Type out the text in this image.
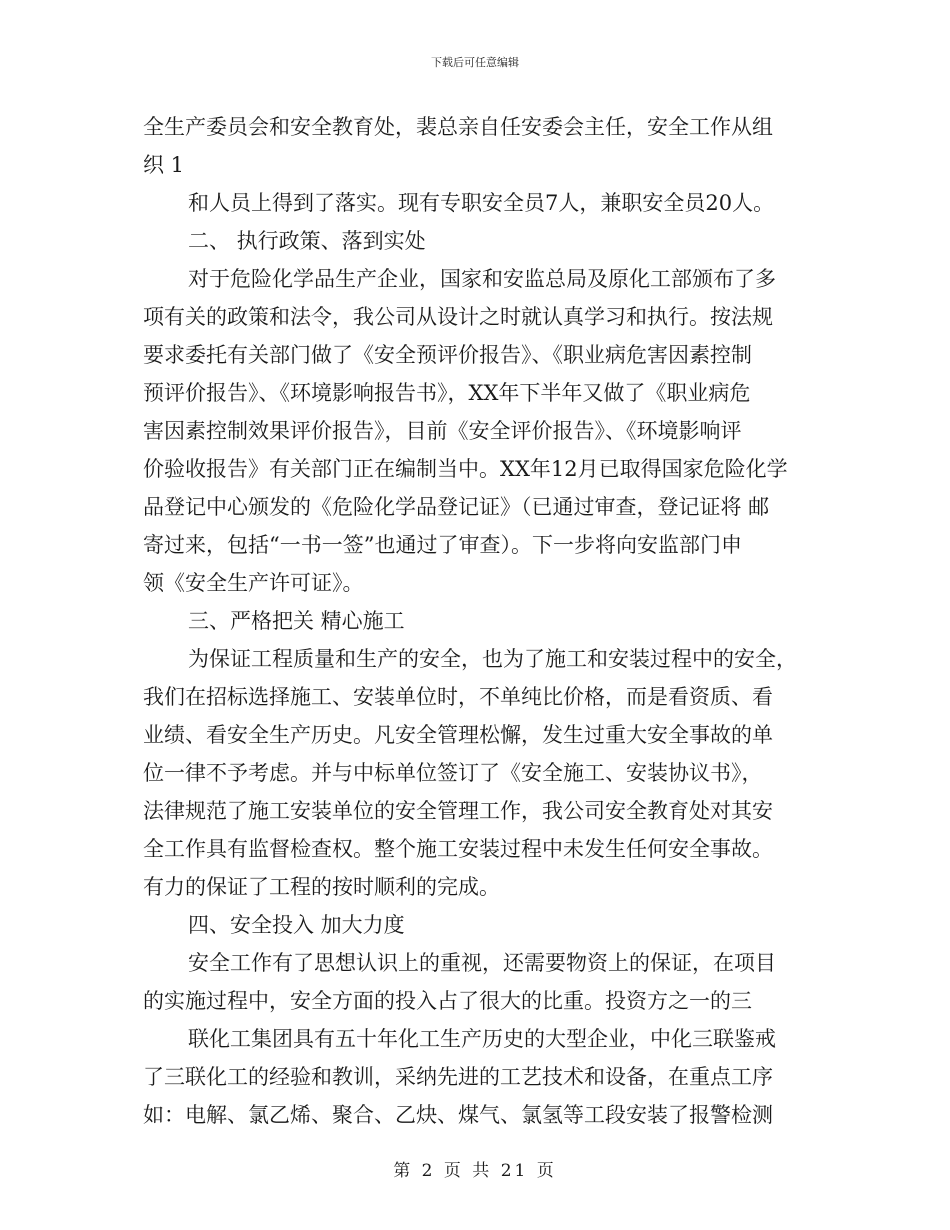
下载后可任意编辑
全生产委员会和安全教育处，裴总亲自任安委会主任，安全工作从组
织 1
和人员上得到了落实。现有专职安全员7人，兼职安全员20人。
二、 执行政策、落到实处
对于危险化学品生产企业，国家和安监总局及原化工部颁布了多
项有关的政策和法令，我公司从设计之时就认真学习和执行。按法规
要求委托有关部门做了《安全预评价报告》、《职业病危害因素控制
预评价报告》、《环境影响报告书》，XX年下半年又做了《职业病危
害因素控制效果评价报告》，目前《安全评价报告》、《环境影响评
价验收报告》有关部门正在编制当中。XX年12月已取得国家危险化学
品登记中心颁发的《危险化学品登记证》（已通过审查，登记证将 邮
寄过来，包括“一书一签”也通过了审查）。下一步将向安监部门申
领《安全生产许可证》。
三、严格把关 精心施工
为保证工程质量和生产的安全，也为了施工和安装过程中的安全，
我们在招标选择施工、安装单位时，不单纯比价格，而是看资质、看
业绩、看安全生产历史。凡安全管理松懈，发生过重大安全事故的单
位一律不予考虑。并与中标单位签订了《安全施工、安装协议书》，
法律规范了施工安装单位的安全管理工作，我公司安全教育处对其安
全工作具有监督检查权。整个施工安装过程中未发生任何安全事故。
有力的保证了工程的按时顺利的完成。
四、安全投入 加大力度
安全工作有了思想认识上的重视，还需要物资上的保证，在项目
的实施过程中，安全方面的投入占了很大的比重。投资方之一的三
联化工集团具有五十年化工生产历史的大型企业，中化三联鉴戒
了三联化工的经验和教训，采纳先进的工艺技术和设备，在重点工序
如：电解、氯乙烯、聚合、乙炔、煤气、氯氢等工段安装了报警检测
第 2 页 共 21 页
